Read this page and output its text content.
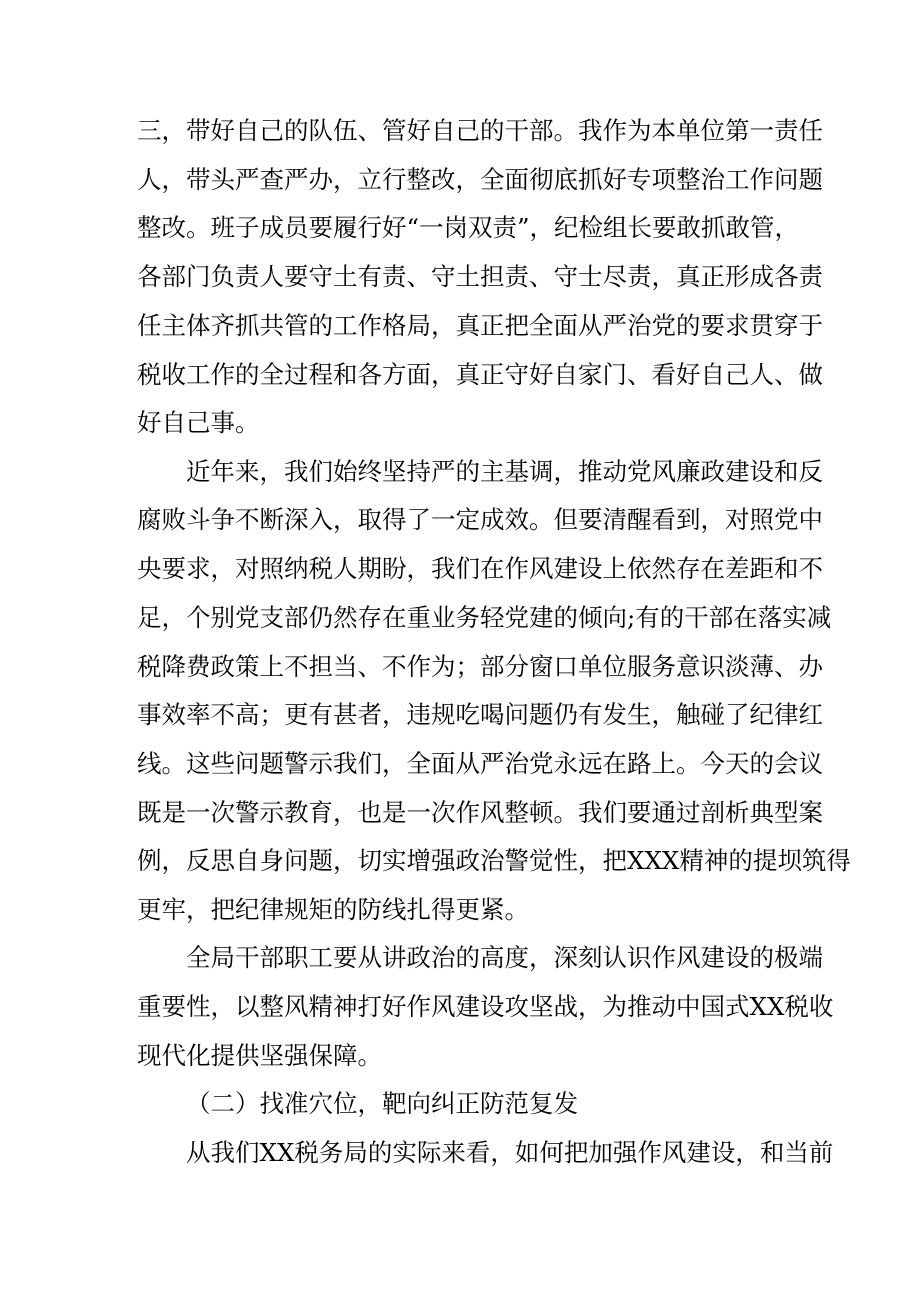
三，带好自己的队伍、管好自己的干部。我作为本单位第一责任
人，带头严查严办，立行整改，全面彻底抓好专项整治工作问题
整改。班子成员要履行好“一岗双责”，纪检组长要敢抓敢管，
各部门负责人要守土有责、守土担责、守士尽责，真正形成各责
任主体齐抓共管的工作格局，真正把全面从严治党的要求贯穿于
税收工作的全过程和各方面，真正守好自家门、看好自己人、做
好自己事。
近年来，我们始终坚持严的主基调，推动党风廉政建设和反
腐败斗争不断深入，取得了一定成效。但要清醒看到，对照党中
央要求，对照纳税人期盼，我们在作风建设上依然存在差距和不
足，个别党支部仍然存在重业务轻党建的倾向;有的干部在落实减
税降费政策上不担当、不作为；部分窗口单位服务意识淡薄、办
事效率不高；更有甚者，违规吃喝问题仍有发生，触碰了纪律红
线。这些问题警示我们，全面从严治党永远在路上。今天的会议
既是一次警示教育，也是一次作风整顿。我们要通过剖析典型案
例，反思自身问题，切实增强政治警觉性，把XXX精神的提坝筑得
更牢，把纪律规矩的防线扎得更紧。
全局干部职工要从讲政治的高度，深刻认识作风建设的极端
重要性，以整风精神打好作风建设攻坚战，为推动中国式XX税收
现代化提供坚强保障。
（二）找准穴位，靶向纠正防范复发
从我们XX税务局的实际来看，如何把加强作风建设，和当前
